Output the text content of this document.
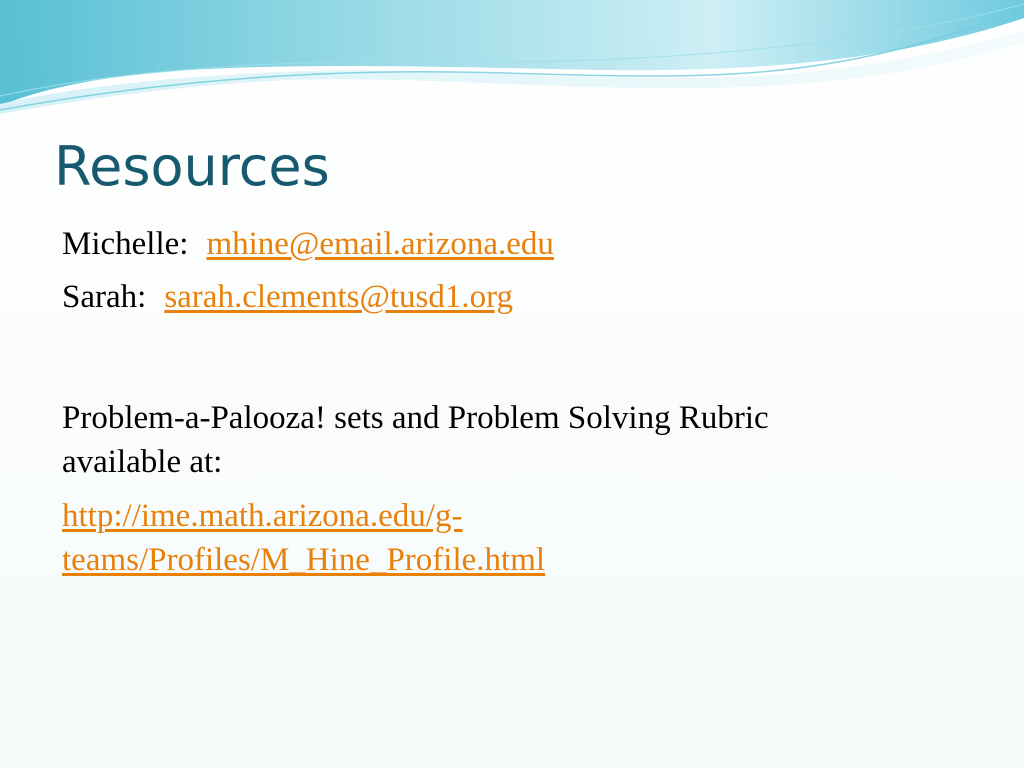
Resources

Michelle: mhine@email.arizona.edu

Sarah: sarah.clements@tusd1.org

Problem-a-Palooza! sets and Problem Solving Rubric

available at:

http://ime.math.arizona.edu/g-

teams/Profiles/M_Hine_Profile.html
